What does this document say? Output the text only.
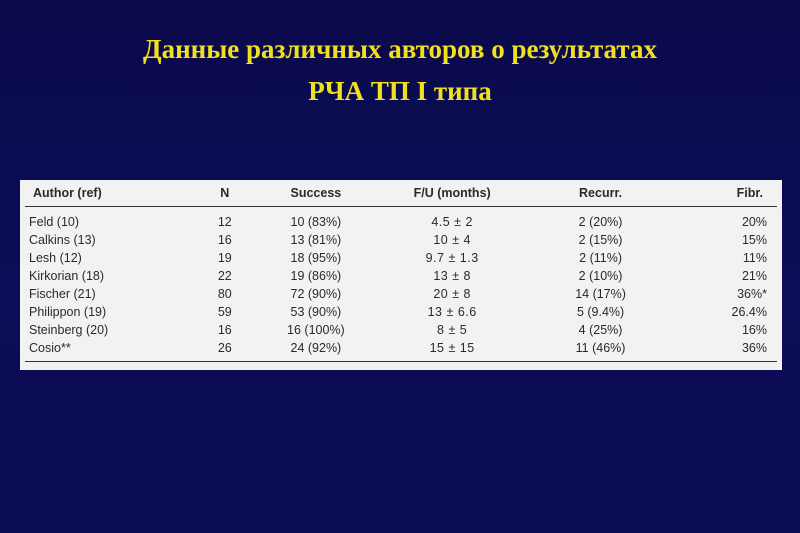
Данные различных авторов о результатах
РЧА ТП I типа
Author (ref)	N	Success	F/U (months)	Recurr.	Fibr.
Feld (10)	12	10 (83%)	4.5 ± 2	2 (20%)	20%
Calkins (13)	16	13 (81%)	10 ± 4	2 (15%)	15%
Lesh (12)	19	18 (95%)	9.7 ± 1.3	2 (11%)	11%
Kirkorian (18)	22	19 (86%)	13 ± 8	2 (10%)	21%
Fischer (21)	80	72 (90%)	20 ± 8	14 (17%)	36%*
Philippon (19)	59	53 (90%)	13 ± 6.6	5 (9.4%)	26.4%
Steinberg (20)	16	16 (100%)	8 ± 5	4 (25%)	16%
Cosio**	26	24 (92%)	15 ± 15	11 (46%)	36%
